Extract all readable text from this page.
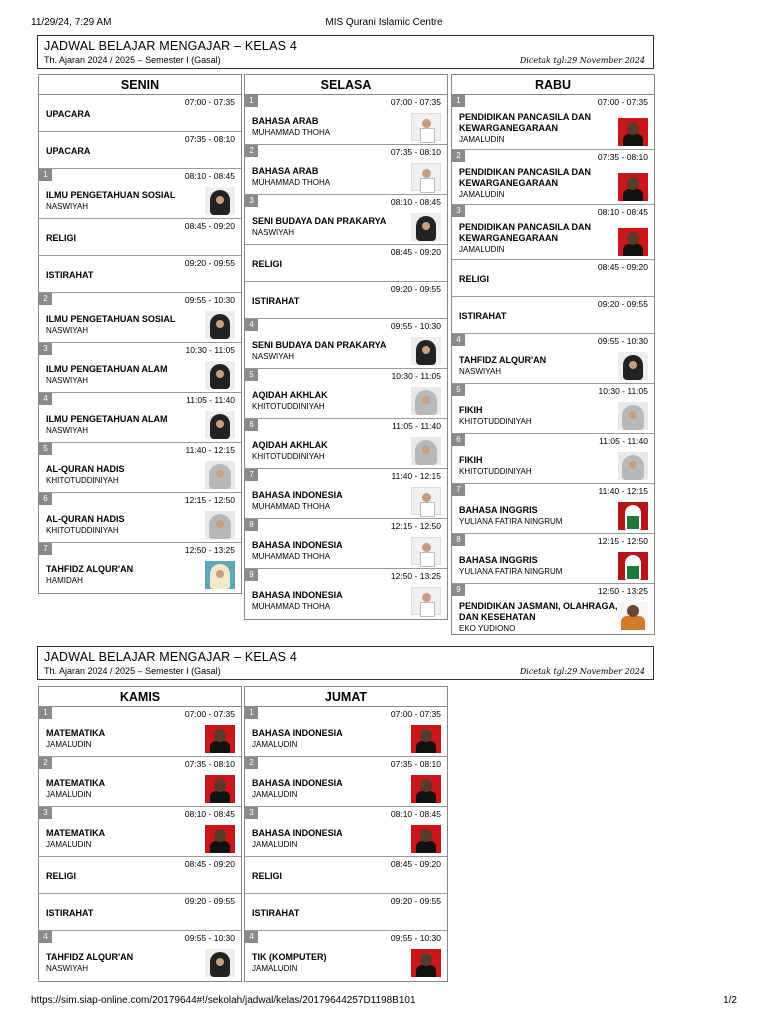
11/29/24, 7:29 AM	MIS Qurani Islamic Centre
JADWAL BELAJAR MENGAJAR – KELAS 4
Th. Ajaran 2024 / 2025 – Semester I (Gasal)	Dicetak tgl:29 November 2024
SENIN
07:00 - 07:35
UPACARA
07:35 - 08:10
UPACARA
1	08:10 - 08:45
ILMU PENGETAHUAN SOSIAL
NASWIYAH
08:45 - 09:20
RELIGI
09:20 - 09:55
ISTIRAHAT
2	09:55 - 10:30
ILMU PENGETAHUAN SOSIAL
NASWIYAH
3	10:30 - 11:05
ILMU PENGETAHUAN ALAM
NASWIYAH
4	11:05 - 11:40
ILMU PENGETAHUAN ALAM
NASWIYAH
5	11:40 - 12:15
AL-QURAN HADIS
KHITOTUDDINIYAH
6	12:15 - 12:50
AL-QURAN HADIS
KHITOTUDDINIYAH
7	12:50 - 13:25
TAHFIDZ ALQUR'AN
HAMIDAH
SELASA
1	07:00 - 07:35
BAHASA ARAB
MUHAMMAD THOHA
2	07:35 - 08:10
BAHASA ARAB
MUHAMMAD THOHA
3	08:10 - 08:45
SENI BUDAYA DAN PRAKARYA
NASWIYAH
08:45 - 09:20
RELIGI
09:20 - 09:55
ISTIRAHAT
4	09:55 - 10:30
SENI BUDAYA DAN PRAKARYA
NASWIYAH
5	10:30 - 11:05
AQIDAH AKHLAK
KHITOTUDDINIYAH
6	11:05 - 11:40
AQIDAH AKHLAK
KHITOTUDDINIYAH
7	11:40 - 12:15
BAHASA INDONESIA
MUHAMMAD THOHA
8	12:15 - 12:50
BAHASA INDONESIA
MUHAMMAD THOHA
9	12:50 - 13:25
BAHASA INDONESIA
MUHAMMAD THOHA
RABU
1	07:00 - 07:35
PENDIDIKAN PANCASILA DAN KEWARGANEGARAAN
JAMALUDIN
2	07:35 - 08:10
PENDIDIKAN PANCASILA DAN KEWARGANEGARAAN
JAMALUDIN
3	08:10 - 08:45
PENDIDIKAN PANCASILA DAN KEWARGANEGARAAN
JAMALUDIN
08:45 - 09:20
RELIGI
09:20 - 09:55
ISTIRAHAT
4	09:55 - 10:30
TAHFIDZ ALQUR'AN
NASWIYAH
5	10:30 - 11:05
FIKIH
KHITOTUDDINIYAH
6	11:05 - 11:40
FIKIH
KHITOTUDDINIYAH
7	11:40 - 12:15
BAHASA INGGRIS
YULIANA FATIRA NINGRUM
8	12:15 - 12:50
BAHASA INGGRIS
YULIANA FATIRA NINGRUM
9	12:50 - 13:25
PENDIDIKAN JASMANI, OLAHRAGA, DAN KESEHATAN
EKO YUDIONO
JADWAL BELAJAR MENGAJAR – KELAS 4
Th. Ajaran 2024 / 2025 – Semester I (Gasal)	Dicetak tgl:29 November 2024
KAMIS
1	07:00 - 07:35
MATEMATIKA
JAMALUDIN
2	07:35 - 08:10
MATEMATIKA
JAMALUDIN
3	08:10 - 08:45
MATEMATIKA
JAMALUDIN
08:45 - 09:20
RELIGI
09:20 - 09:55
ISTIRAHAT
4	09:55 - 10:30
TAHFIDZ ALQUR'AN
NASWIYAH
JUMAT
1	07:00 - 07:35
BAHASA INDONESIA
JAMALUDIN
2	07:35 - 08:10
BAHASA INDONESIA
JAMALUDIN
3	08:10 - 08:45
BAHASA INDONESIA
JAMALUDIN
08:45 - 09:20
RELIGI
09:20 - 09:55
ISTIRAHAT
4	09:55 - 10:30
TIK (KOMPUTER)
JAMALUDIN
https://sim.siap-online.com/20179644#!/sekolah/jadwal/kelas/20179644257D1198B101	1/2
